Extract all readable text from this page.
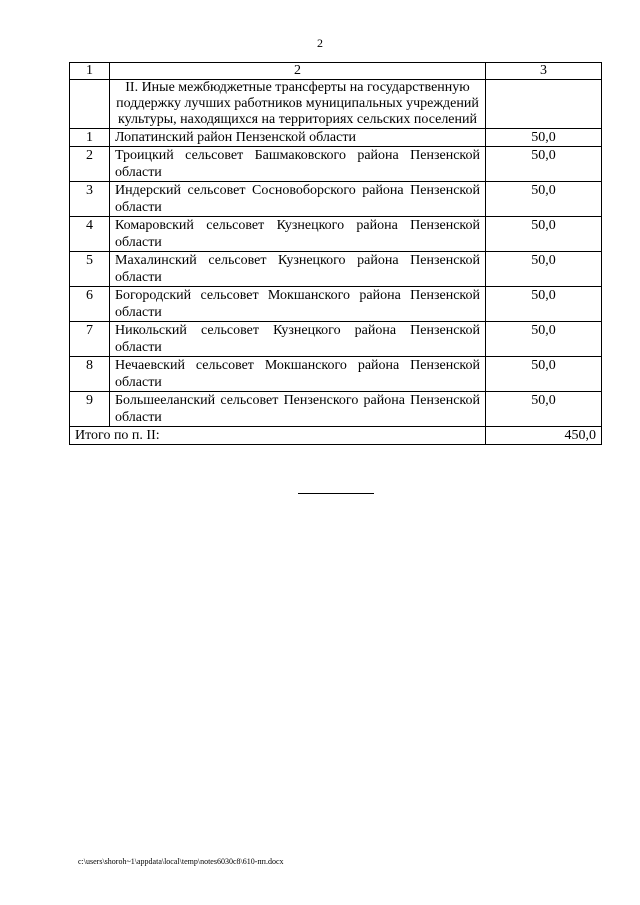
2
1	2	3
	II. Иные межбюджетные трансферты на государственную поддержку лучших работников муниципальных учреждений культуры, находящихся на территориях сельских поселений	
1	Лопатинский район Пензенской области	50,0
2	Троицкий сельсовет Башмаковского района Пензенской области	50,0
3	Индерский сельсовет Сосновоборского района Пензенской области	50,0
4	Комаровский сельсовет Кузнецкого района Пензенской области	50,0
5	Махалинский сельсовет Кузнецкого района Пензенской области	50,0
6	Богородский сельсовет Мокшанского района Пензенской области	50,0
7	Никольский сельсовет Кузнецкого района Пензенской области	50,0
8	Нечаевский сельсовет Мокшанского района Пензенской области	50,0
9	Большееланский сельсовет Пензенского района Пензенской области	50,0
Итого по п. II:		450,0
c:\users\shoroh~1\appdata\local\temp\notes6030c8\610-пп.docx
